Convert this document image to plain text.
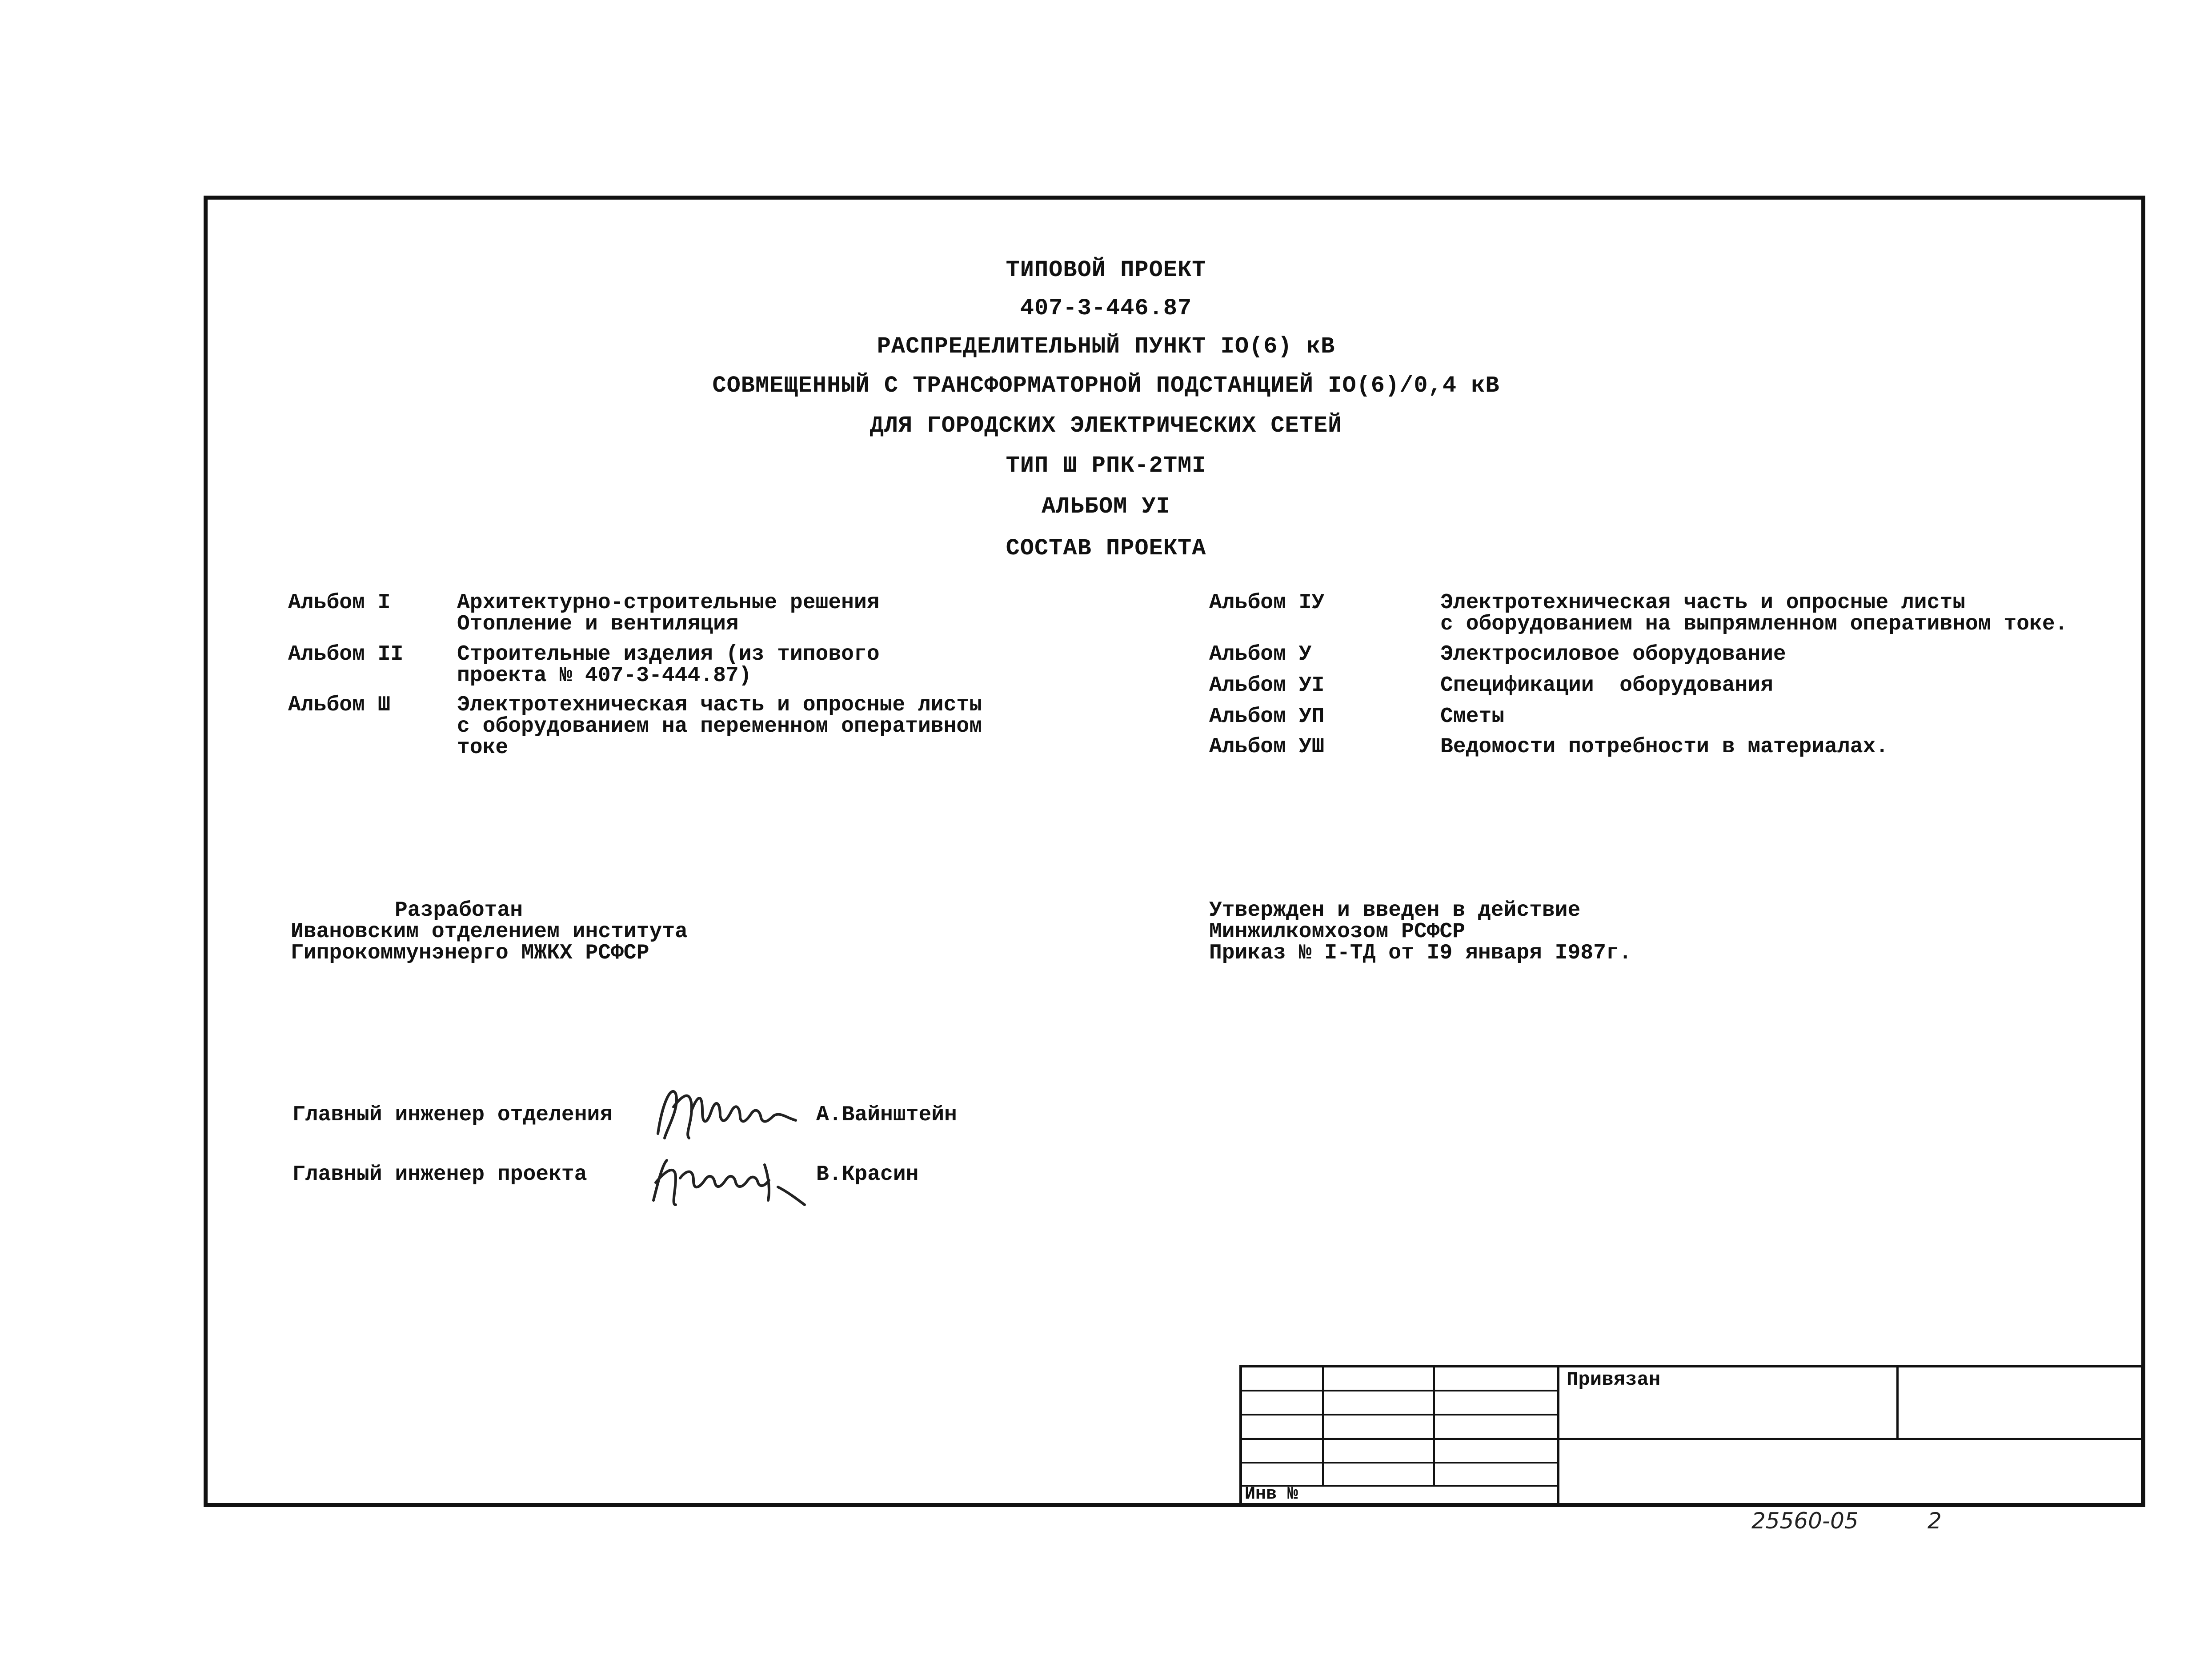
ТИПОВОЙ ПРОЕКТ
407-3-446.87
РАСПРЕДЕЛИТЕЛЬНЫЙ ПУНКТ IO(6) кВ
СОВМЕЩЕННЫЙ С ТРАНСФОРМАТОРНОЙ ПОДСТАНЦИЕЙ IO(6)/0,4 кВ
ДЛЯ ГОРОДСКИХ ЭЛЕКТРИЧЕСКИХ СЕТЕЙ
ТИП Ш РПК-2ТМI
АЛЬБОМ УI
СОСТАВ ПРОЕКТА
Альбом I	Архитектурно-строительные решения
Отопление и вентиляция
Альбом II	Строительные изделия (из типового
проекта № 407-3-444.87)
Альбом Ш	Электротехническая часть и опросные листы
с оборудованием на переменном оперативном
токе
Альбом IУ	Электротехническая часть и опросные листы
с оборудованием на выпрямленном оперативном токе.
Альбом У	Электросиловое оборудование
Альбом УI	Спецификации  оборудования
Альбом УП	Сметы
Альбом УШ	Ведомости потребности в материалах.
Разработан
Ивановским отделением института
Гипрокоммунэнерго МЖКХ РСФСР
Утвержден и введен в действие
Минжилкомхозом РСФСР
Приказ № I-ТД от I9 января I987г.
Главный инженер отделения	А.Вайнштейн
Главный инженер проекта	В.Красин
Привязан
Инв №
25560-05	2
